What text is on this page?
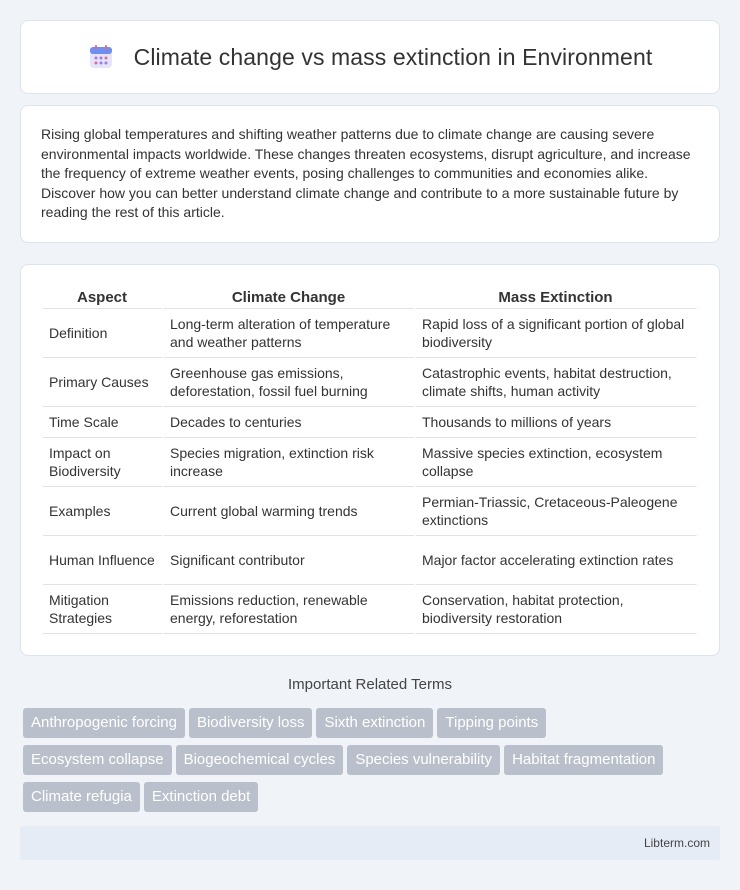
Climate change vs mass extinction in Environment

Rising global temperatures and shifting weather patterns due to climate change are causing severe environmental impacts worldwide. These changes threaten ecosystems, disrupt agriculture, and increase the frequency of extreme weather events, posing challenges to communities and economies alike. Discover how you can better understand climate change and contribute to a more sustainable future by reading the rest of this article.

Aspect	Climate Change	Mass Extinction
Definition	Long-term alteration of temperature and weather patterns	Rapid loss of a significant portion of global biodiversity
Primary Causes	Greenhouse gas emissions, deforestation, fossil fuel burning	Catastrophic events, habitat destruction, climate shifts, human activity
Time Scale	Decades to centuries	Thousands to millions of years
Impact on Biodiversity	Species migration, extinction risk increase	Massive species extinction, ecosystem collapse
Examples	Current global warming trends	Permian-Triassic, Cretaceous-Paleogene extinctions
Human Influence	Significant contributor	Major factor accelerating extinction rates
Mitigation Strategies	Emissions reduction, renewable energy, reforestation	Conservation, habitat protection, biodiversity restoration
Important Related Terms
Anthropogenic forcing Biodiversity loss Sixth extinction Tipping points
Ecosystem collapse Biogeochemical cycles Species vulnerability Habitat fragmentation
Climate refugia Extinction debt
Libterm.com
